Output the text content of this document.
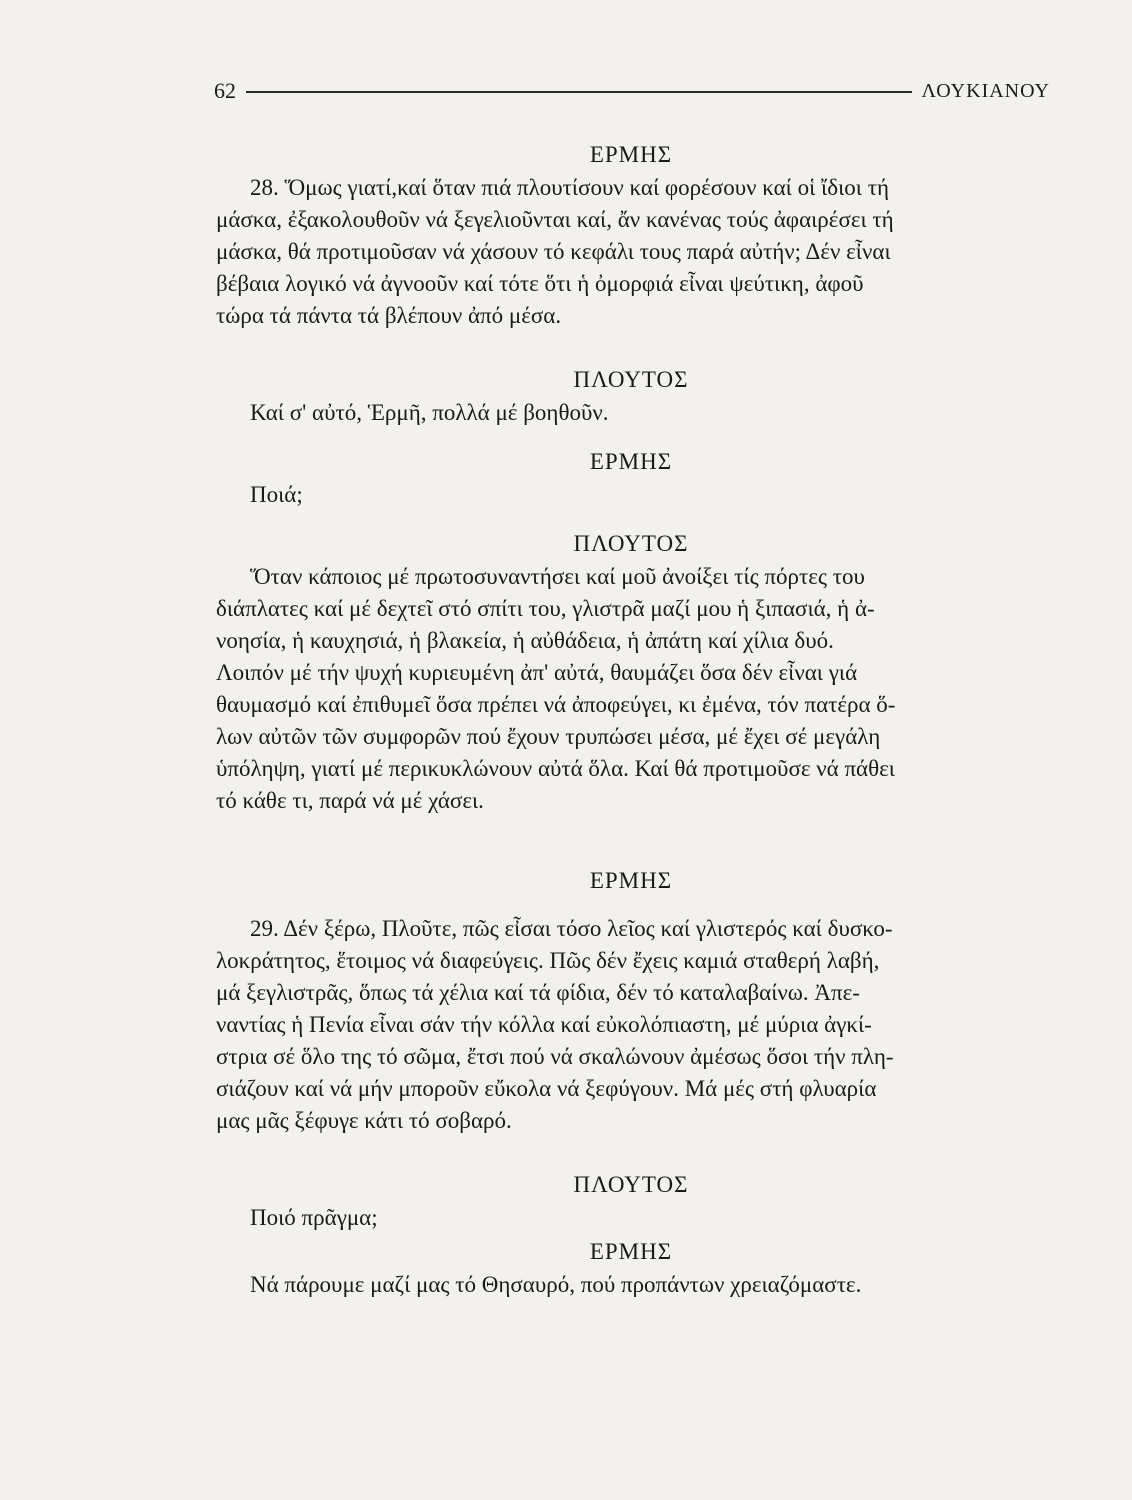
62	ΛΟΥΚΙΑΝΟΥ
ΕΡΜΗΣ

28. Ὅμως γιατί,καί ὅταν πιά πλουτίσουν καί φορέσουν καί οἱ ἴδιοι τή

μάσκα, ἐξακολουθοῦν νά ξεγελιοῦνται καί, ἄν κανένας τούς ἀφαιρέσει τή

μάσκα, θά προτιμοῦσαν νά χάσουν τό κεφάλι τους παρά αὐτήν; Δέν εἶναι

βέβαια λογικό νά ἀγνοοῦν καί τότε ὅτι ἡ ὀμορφιά εἶναι ψεύτικη, ἀφοῦ

τώρα τά πάντα τά βλέπουν ἀπό μέσα.

ΠΛΟΥΤΟΣ

Καί σ' αὐτό, Ἑρμῆ, πολλά μέ βοηθοῦν.

ΕΡΜΗΣ

Ποιά;

ΠΛΟΥΤΟΣ

Ὅταν κάποιος μέ πρωτοσυναντήσει καί μοῦ ἀνοίξει τίς πόρτες του

διάπλατες καί μέ δεχτεῖ στό σπίτι του, γλιστρᾶ μαζί μου ἡ ξιπασιά, ἡ ἀ-

νοησία, ἡ καυχησιά, ἡ βλακεία, ἡ αὐθάδεια, ἡ ἀπάτη καί χίλια δυό.

Λοιπόν μέ τήν ψυχή κυριευμένη ἀπ' αὐτά, θαυμάζει ὅσα δέν εἶναι γιά

θαυμασμό καί ἐπιθυμεῖ ὅσα πρέπει νά ἀποφεύγει, κι ἐμένα, τόν πατέρα ὅ-

λων αὐτῶν τῶν συμφορῶν πού ἔχουν τρυπώσει μέσα, μέ ἔχει σέ μεγάλη

ὑπόληψη, γιατί μέ περικυκλώνουν αὐτά ὅλα. Καί θά προτιμοῦσε νά πάθει

τό κάθε τι, παρά νά μέ χάσει.

ΕΡΜΗΣ

29. Δέν ξέρω, Πλοῦτε, πῶς εἶσαι τόσο λεῖος καί γλιστερός καί δυσκο-

λοκράτητος, ἕτοιμος νά διαφεύγεις. Πῶς δέν ἔχεις καμιά σταθερή λαβή,

μά ξεγλιστρᾶς, ὅπως τά χέλια καί τά φίδια, δέν τό καταλαβαίνω. Ἀπε-

ναντίας ἡ Πενία εἶναι σάν τήν κόλλα καί εὐκολόπιαστη, μέ μύρια ἀγκί-

στρια σέ ὅλο της τό σῶμα, ἔτσι πού νά σκαλώνουν ἀμέσως ὅσοι τήν πλη-

σιάζουν καί νά μήν μποροῦν εὔκολα νά ξεφύγουν. Μά μές στή φλυαρία

μας μᾶς ξέφυγε κάτι τό σοβαρό.

ΠΛΟΥΤΟΣ

Ποιό πρᾶγμα;

ΕΡΜΗΣ

Νά πάρουμε μαζί μας τό Θησαυρό, πού προπάντων χρειαζόμαστε.
